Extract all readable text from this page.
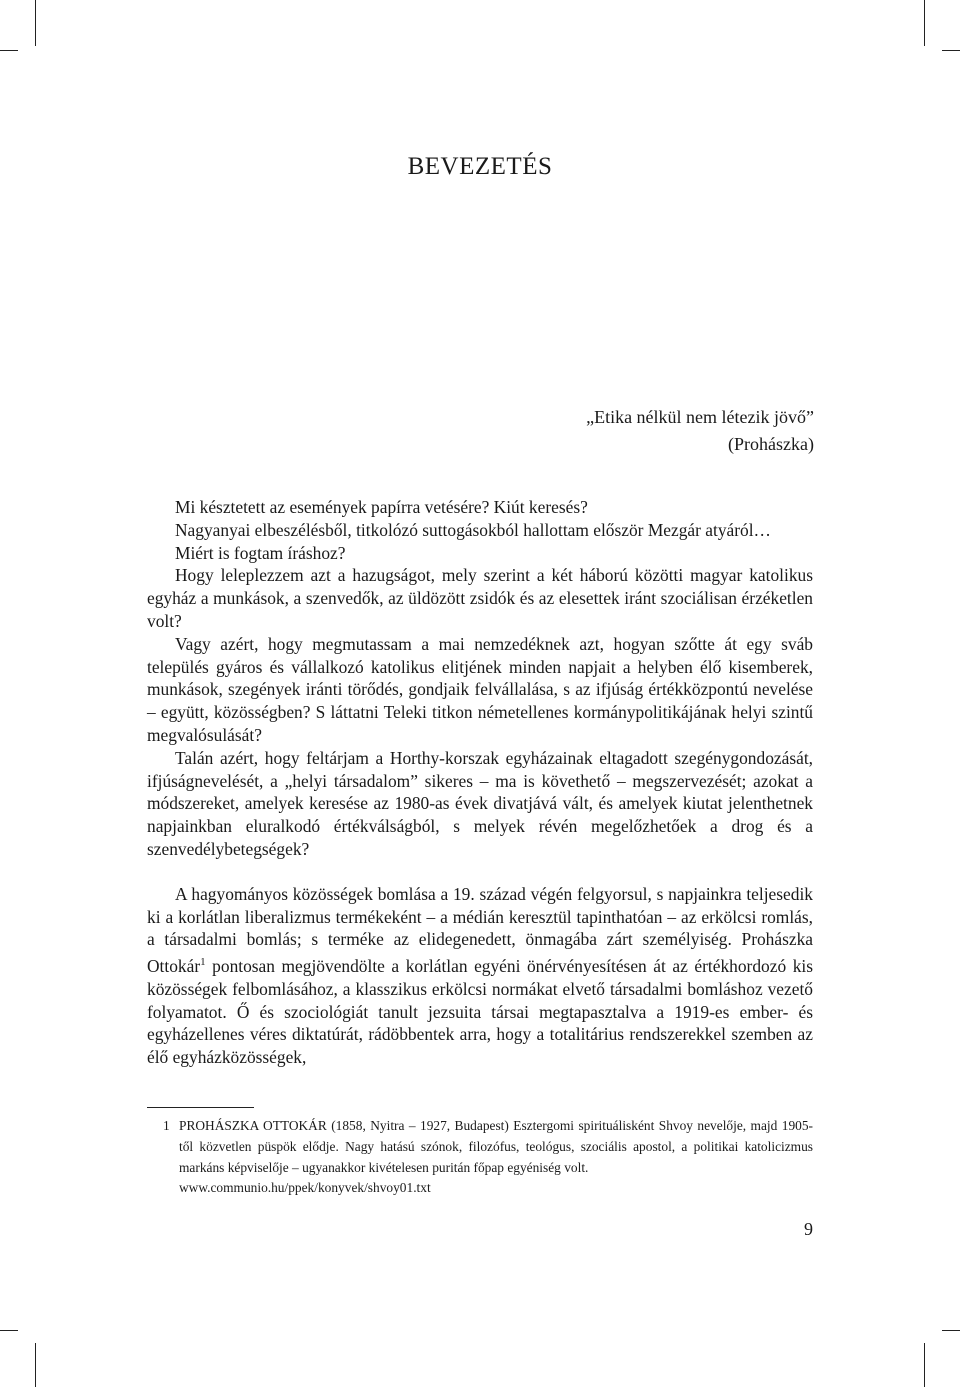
BEVEZETÉS
„Etika nélkül nem létezik jövő”
(Prohászka)

Mi késztetett az események papírra vetésére? Kiút keresés?

Nagyanyai elbeszélésből, titkolózó suttogásokból hallottam először Mezgár atyáról…

Miért is fogtam íráshoz?

Hogy leleplezzem azt a hazugságot, mely szerint a két háború közötti magyar katolikus egyház a munkások, a szenvedők, az üldözött zsidók és az elesettek iránt szociálisan érzéketlen volt?

Vagy azért, hogy megmutassam a mai nemzedéknek azt, hogyan szőtte át egy sváb település gyáros és vállalkozó katolikus elitjének minden napjait a helyben élő kisemberek, munkások, szegények iránti törődés, gondjaik felvállalása, s az ifjúság értékközpontú nevelése – együtt, közösségben? S láttatni Teleki titkon németellenes kormánypolitikájának helyi szintű megvalósulását?

Talán azért, hogy feltárjam a Horthy-korszak egyházainak eltagadott szegénygondozását, ifjúságnevelését, a „helyi társadalom” sikeres – ma is követhető – megszervezését; azokat a módszereket, amelyek keresése az 1980-as évek divatjává vált, és amelyek kiutat jelenthetnek napjainkban eluralkodó értékválságból, s melyek révén megelőzhetőek a drog és a szenvedélybetegségek?

A hagyományos közösségek bomlása a 19. század végén felgyorsul, s napjainkra teljesedik ki a korlátlan liberalizmus termékeként – a médián keresztül tapinthatóan – az erkölcsi romlás, a társadalmi bomlás; s terméke az elidegenedett, önmagába zárt személyiség. Prohászka Ottokár$^1$ pontosan megjövendölte a korlátlan egyéni önérvényesítésen át az értékhordozó kis közösségek felbomlásához, a klasszikus erkölcsi normákat elvető társadalmi bomláshoz vezető folyamatot. Ő és szociológiát tanult jezsuita társai megtapasztalva a 1919-es ember- és egyházellenes véres diktatúrát, rádöbbentek arra, hogy a totalitárius rendszerekkel szemben az élő egyházközösségek,

1 PROHÁSZKA OTTOKÁR (1858, Nyitra – 1927, Budapest) Esztergomi spirituálisként Shvoy nevelője, majd 1905-től közvetlen püspök elődje. Nagy hatású szónok, filozófus, teológus, szociális apostol, a politikai katolicizmus markáns képviselője – ugyanakkor kivételesen puritán főpap egyéniség volt.
www.communio.hu/ppek/konyvek/shvoy01.txt
9
